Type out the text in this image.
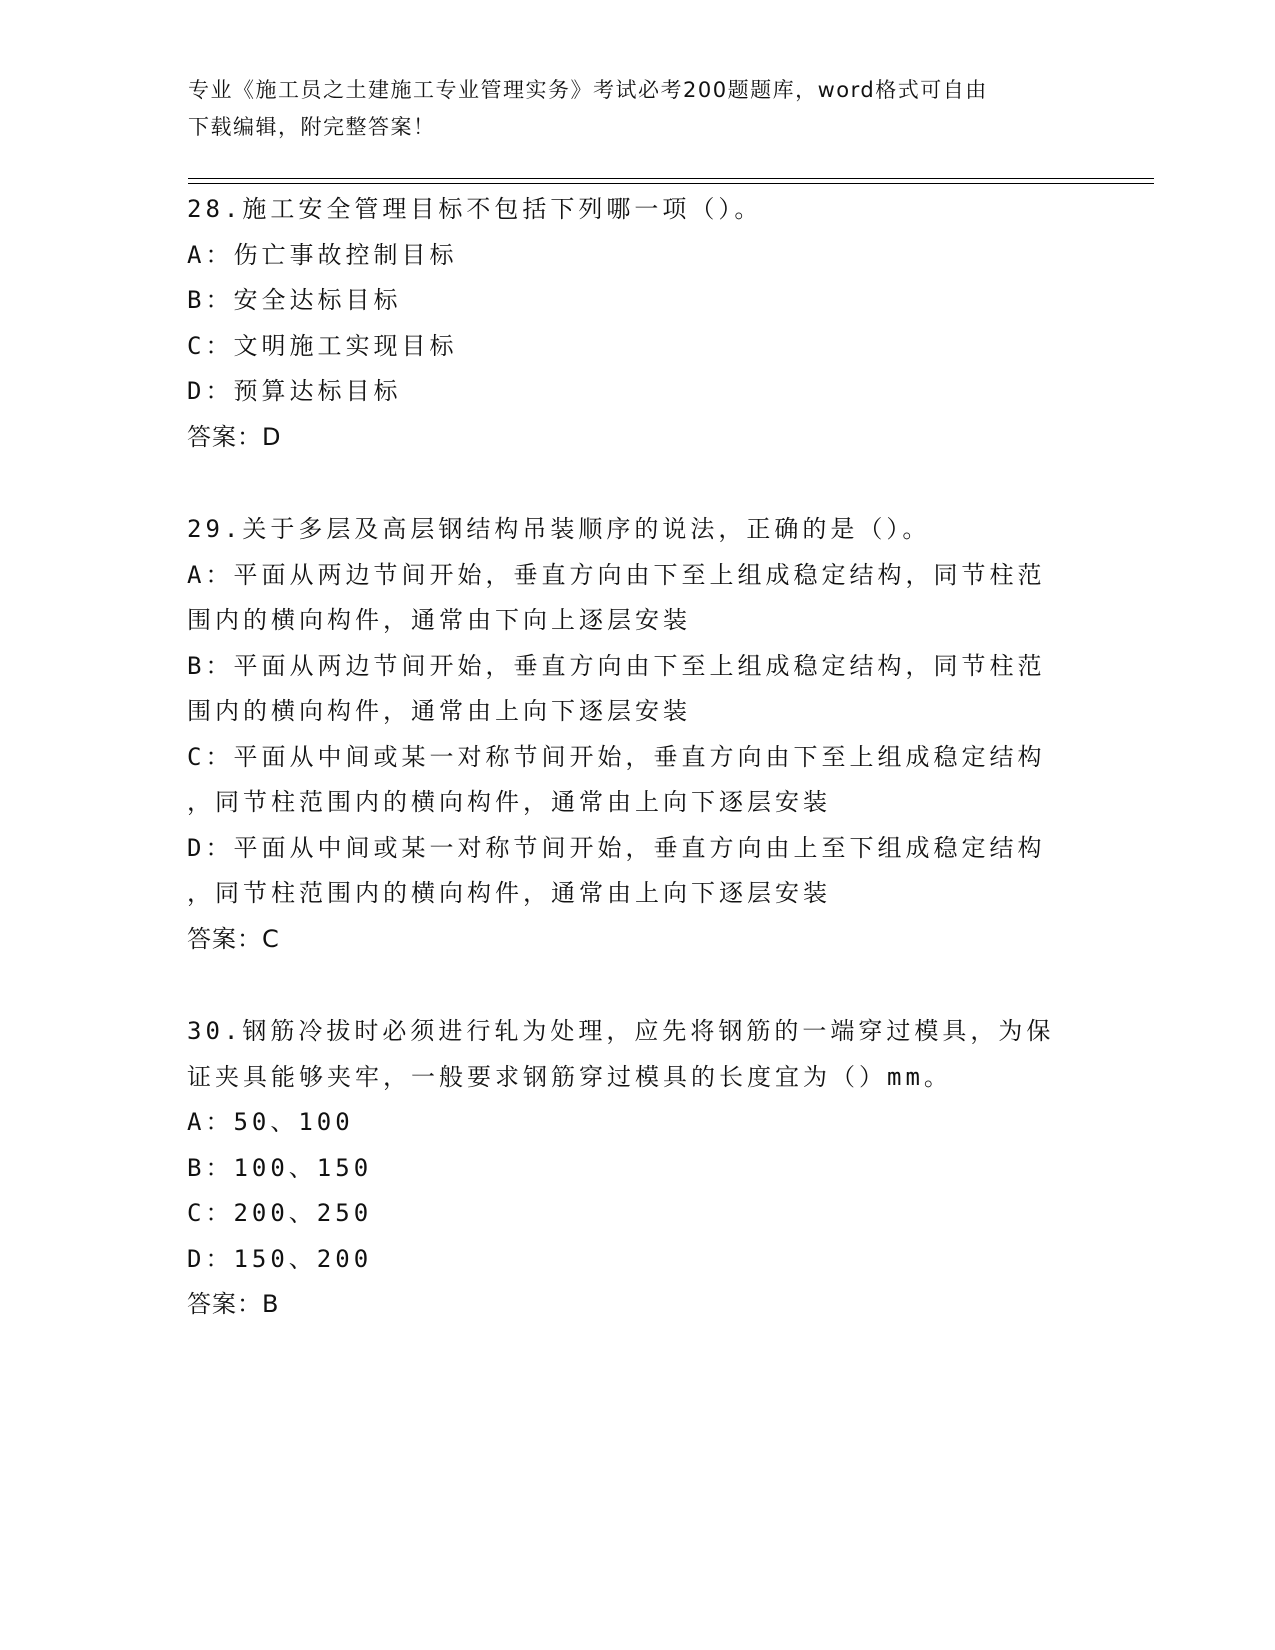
专业《施工员之土建施工专业管理实务》考试必考200题题库，word格式可自由
下载编辑，附完整答案！
28.施工安全管理目标不包括下列哪一项（）。
A：伤亡事故控制目标
B：安全达标目标
C：文明施工实现目标
D：预算达标目标
答案：D
29.关于多层及高层钢结构吊装顺序的说法，正确的是（）。
A：平面从两边节间开始，垂直方向由下至上组成稳定结构，同节柱范
围内的横向构件，通常由下向上逐层安装
B：平面从两边节间开始，垂直方向由下至上组成稳定结构，同节柱范
围内的横向构件，通常由上向下逐层安装
C：平面从中间或某一对称节间开始，垂直方向由下至上组成稳定结构
，同节柱范围内的横向构件，通常由上向下逐层安装
D：平面从中间或某一对称节间开始，垂直方向由上至下组成稳定结构
，同节柱范围内的横向构件，通常由上向下逐层安装
答案：C
30.钢筋冷拔时必须进行轧为处理，应先将钢筋的一端穿过模具，为保
证夹具能够夹牢，一般要求钢筋穿过模具的长度宜为（）mm。
A：50、100
B：100、150
C：200、250
D：150、200
答案：B
